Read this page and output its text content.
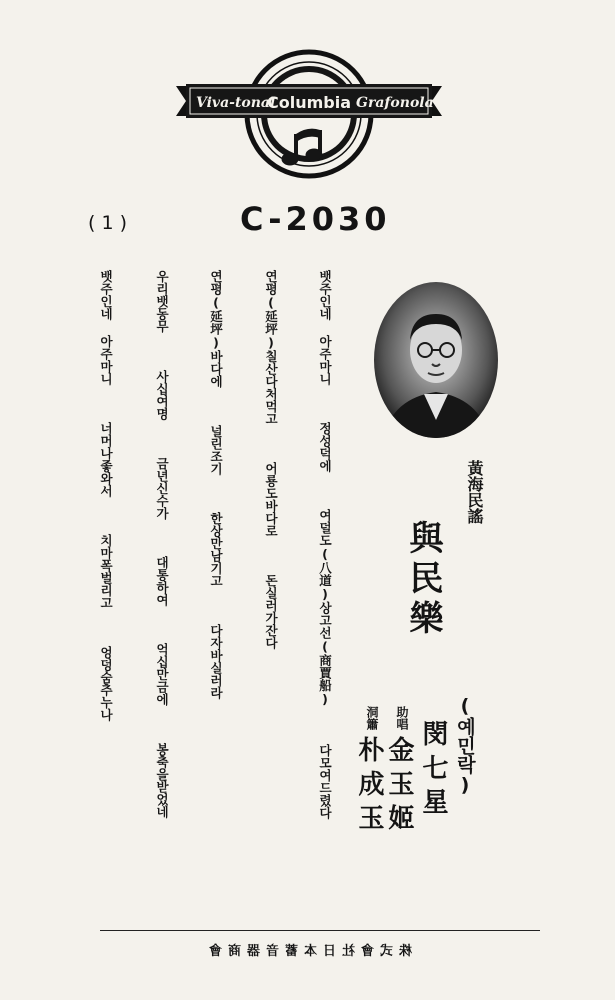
Viva-tonal
Columbia Grafonola
C-2030
( 1 )
뱃주인네 아주마니 정성덕에 여덜도(八道)상고선(商賈船) 다모여드렸다
연평(延坪)칠산다처먹고 어룡도바다로 돈실러가잔다
연평(延坪)바다에 널린조기 한상만남기고 다자바실러라
우리뱃동무 사십여명 금년신수가 대통하여 억십만금에 봉축을받었네
뱃주인네 아주마니 너머나좋와서 치마폭벌리고 엉덩숨추누나
黃海民謠
與民樂
(예민락)
閔七星
助唱
金玉姬
洞簫
朴成玉
株式會社日本蓄音器商會
